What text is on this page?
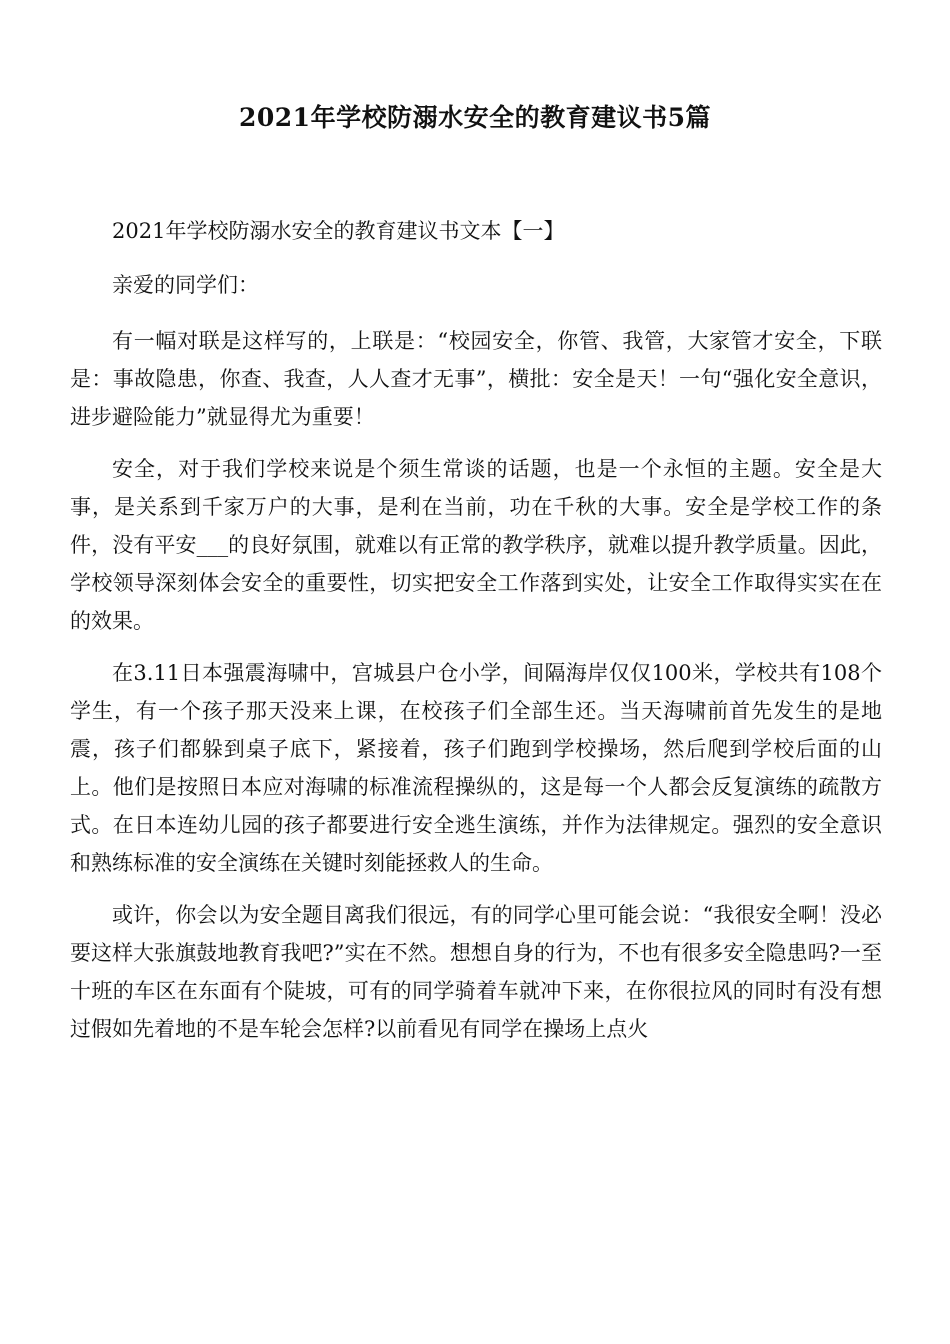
2021年学校防溺水安全的教育建议书5篇

2021年学校防溺水安全的教育建议书文本【一】

亲爱的同学们：

有一幅对联是这样写的，上联是：“校园安全，你管、我管，大家管才安全，下联是：事故隐患，你查、我查，人人查才无事”，横批：安全是天！一句“强化安全意识，进步避险能力”就显得尤为重要！

安全，对于我们学校来说是个须生常谈的话题，也是一个永恒的主题。安全是大事，是关系到千家万户的大事，是利在当前，功在千秋的大事。安全是学校工作的条件，没有平安___的良好氛围，就难以有正常的教学秩序，就难以提升教学质量。因此，学校领导深刻体会安全的重要性，切实把安全工作落到实处，让安全工作取得实实在在的效果。

在3.11日本强震海啸中，宫城县户仓小学，间隔海岸仅仅100米，学校共有108个学生，有一个孩子那天没来上课，在校孩子们全部生还。当天海啸前首先发生的是地震，孩子们都躲到桌子底下，紧接着，孩子们跑到学校操场，然后爬到学校后面的山上。他们是按照日本应对海啸的标准流程操纵的，这是每一个人都会反复演练的疏散方式。在日本连幼儿园的孩子都要进行安全逃生演练，并作为法律规定。强烈的安全意识和熟练标准的安全演练在关键时刻能拯救人的生命。

或许，你会以为安全题目离我们很远，有的同学心里可能会说：“我很安全啊！没必要这样大张旗鼓地教育我吧?”实在不然。想想自身的行为，不也有很多安全隐患吗?一至十班的车区在东面有个陡坡，可有的同学骑着车就冲下来，在你很拉风的同时有没有想过假如先着地的不是车轮会怎样?以前看见有同学在操场上点火
